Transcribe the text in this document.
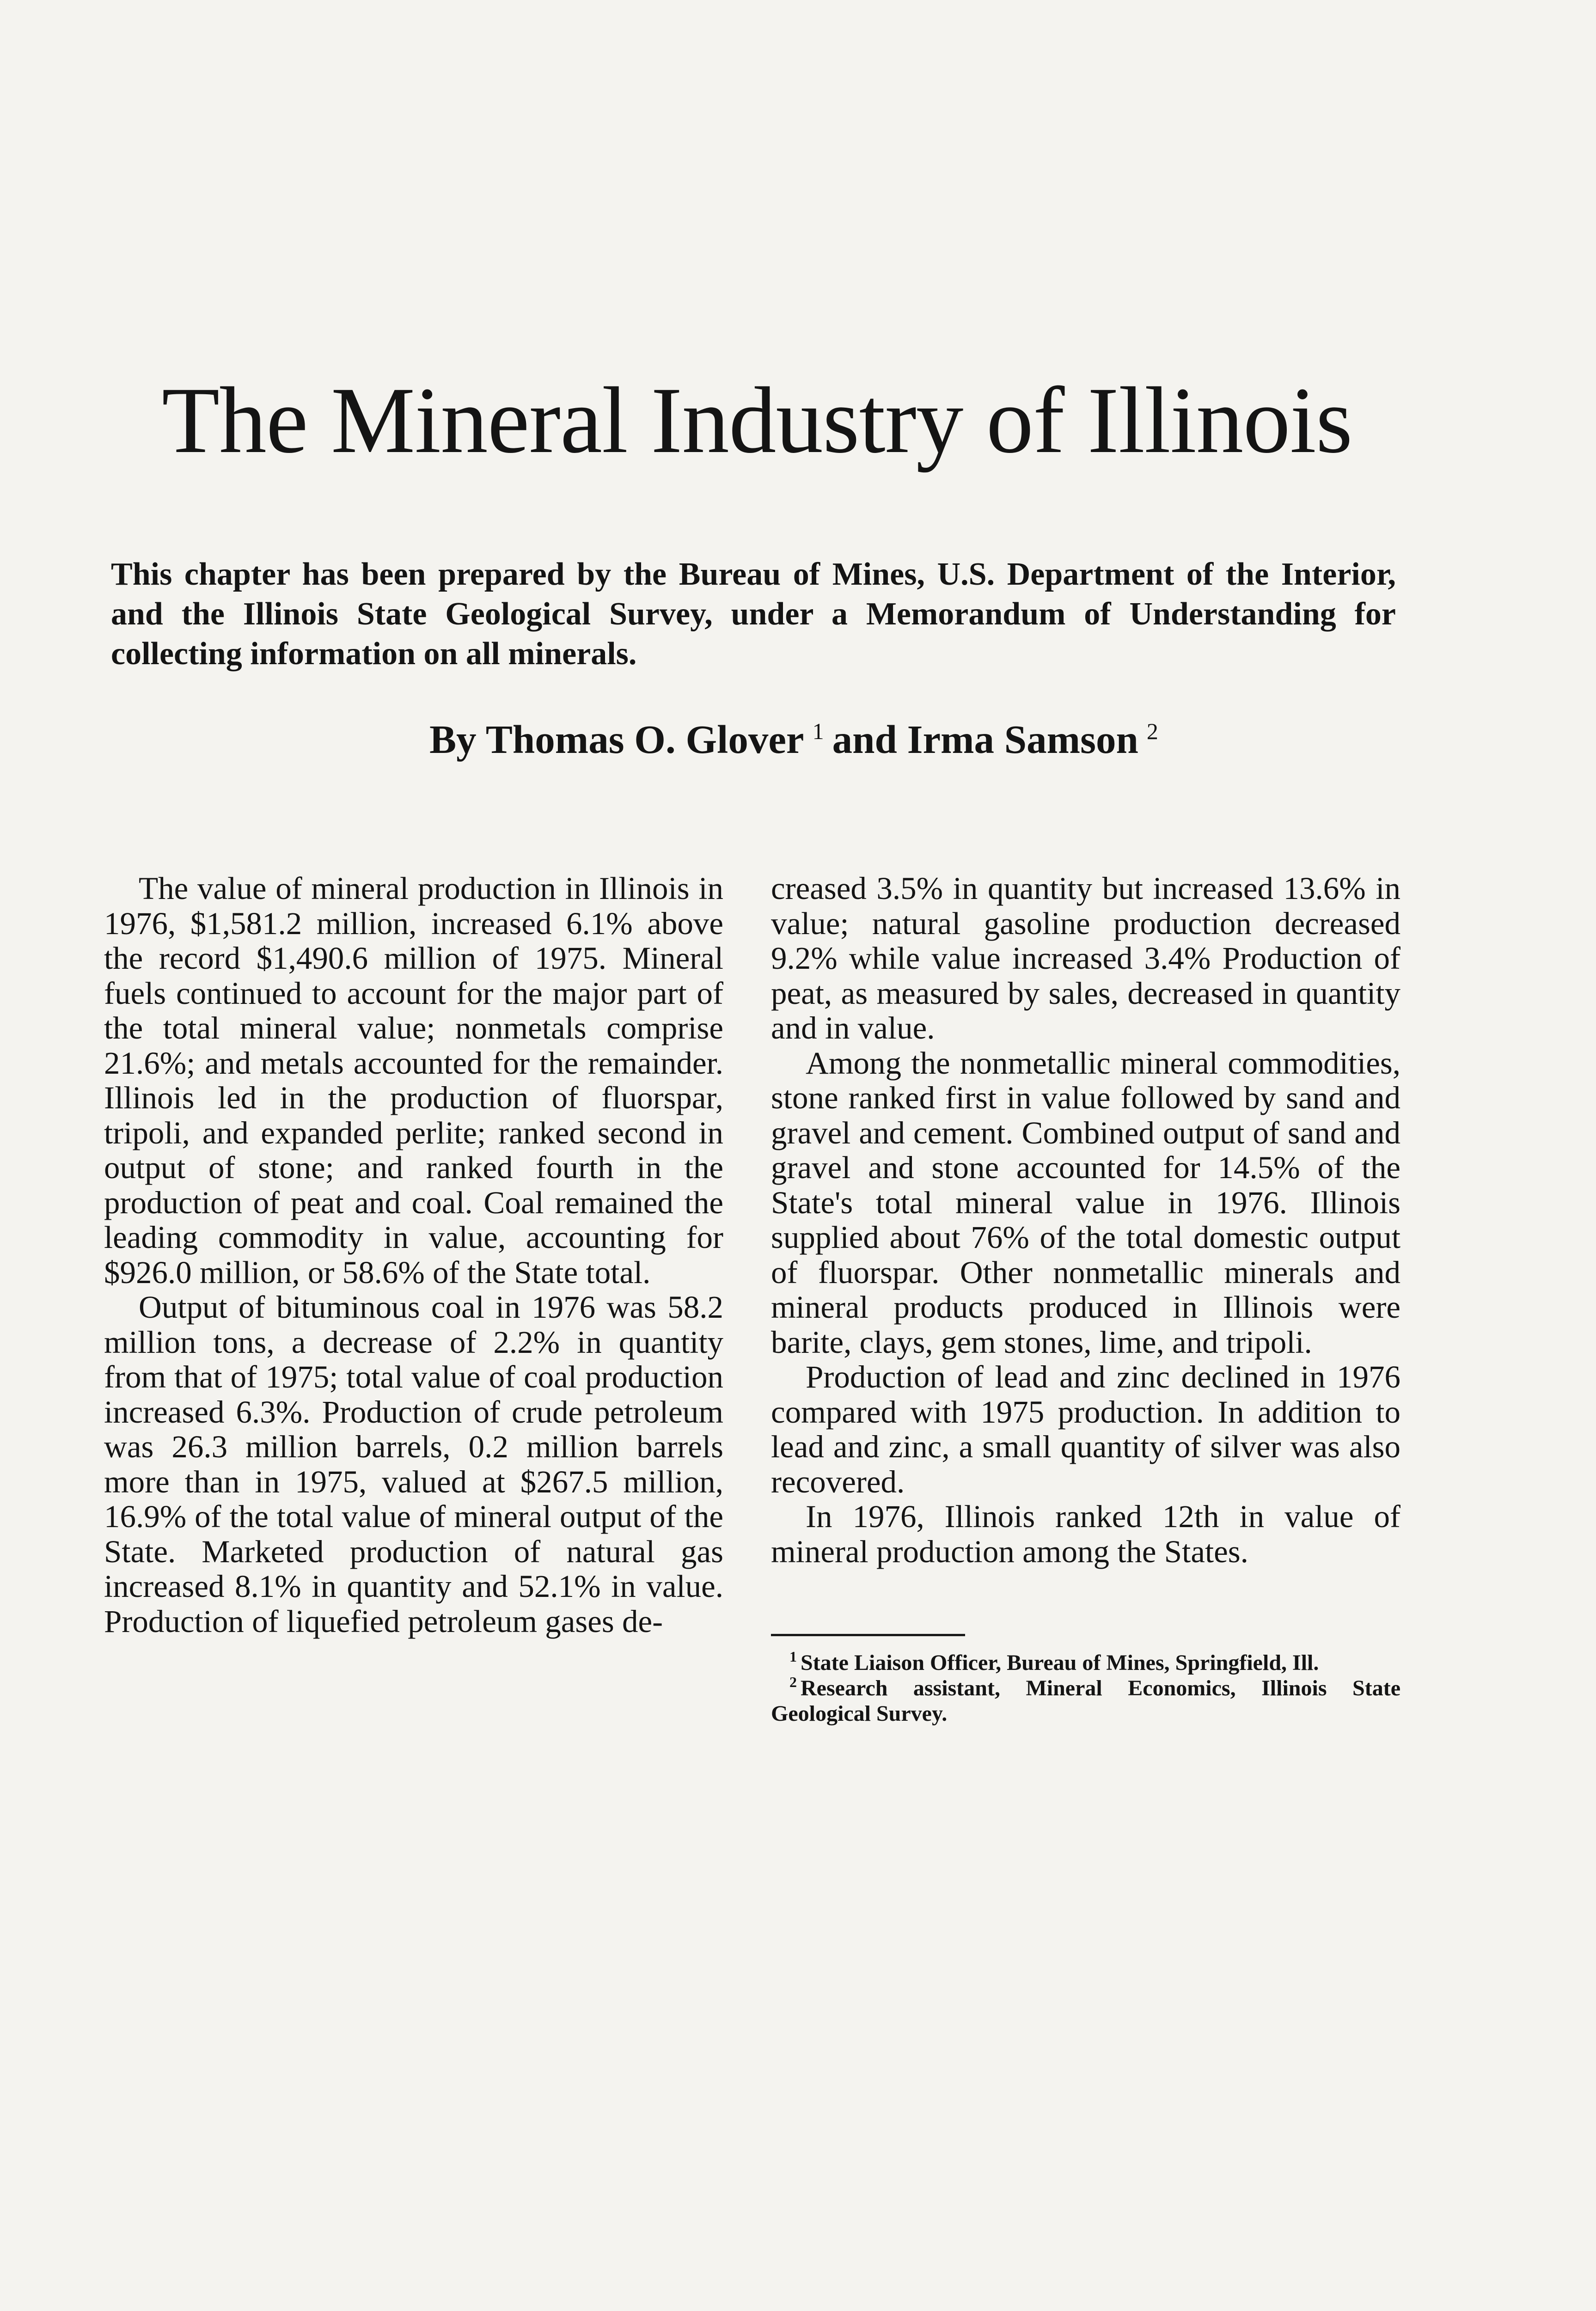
The Mineral Industry of Illinois

This chapter has been prepared by the Bureau of Mines, U.S. Department of the Interior, and the Illinois State Geological Survey, under a Memorandum of Understanding for collecting information on all minerals.

By Thomas O. Glover $^1$ and Irma Samson $^2$

The value of mineral production in Illinois in 1976, $1,581.2 million, increased 6.1% above the record $1,490.6 million of 1975. Mineral fuels continued to account for the major part of the total mineral value; nonmetals comprise 21.6%; and metals accounted for the remainder. Illinois led in the production of fluorspar, tripoli, and expanded perlite; ranked second in output of stone; and ranked fourth in the production of peat and coal. Coal remained the leading commodity in value, accounting for $926.0 million, or 58.6% of the State total.

Output of bituminous coal in 1976 was 58.2 million tons, a decrease of 2.2% in quantity from that of 1975; total value of coal production increased 6.3%. Production of crude petroleum was 26.3 million barrels, 0.2 million barrels more than in 1975, valued at $267.5 million, 16.9% of the total value of mineral output of the State. Marketed production of natural gas increased 8.1% in quantity and 52.1% in value. Production of liquefied petroleum gases de-

creased 3.5% in quantity but increased 13.6% in value; natural gasoline production decreased 9.2% while value increased 3.4% Production of peat, as measured by sales, decreased in quantity and in value.

Among the nonmetallic mineral commodities, stone ranked first in value followed by sand and gravel and cement. Combined output of sand and gravel and stone accounted for 14.5% of the State's total mineral value in 1976. Illinois supplied about 76% of the total domestic output of fluorspar. Other nonmetallic minerals and mineral products produced in Illinois were barite, clays, gem stones, lime, and tripoli.

Production of lead and zinc declined in 1976 compared with 1975 production. In addition to lead and zinc, a small quantity of silver was also recovered.

In 1976, Illinois ranked 12th in value of mineral production among the States.

$^1$ State Liaison Officer, Bureau of Mines, Springfield, Ill.

$^2$ Research assistant, Mineral Economics, Illinois State Geological Survey.
